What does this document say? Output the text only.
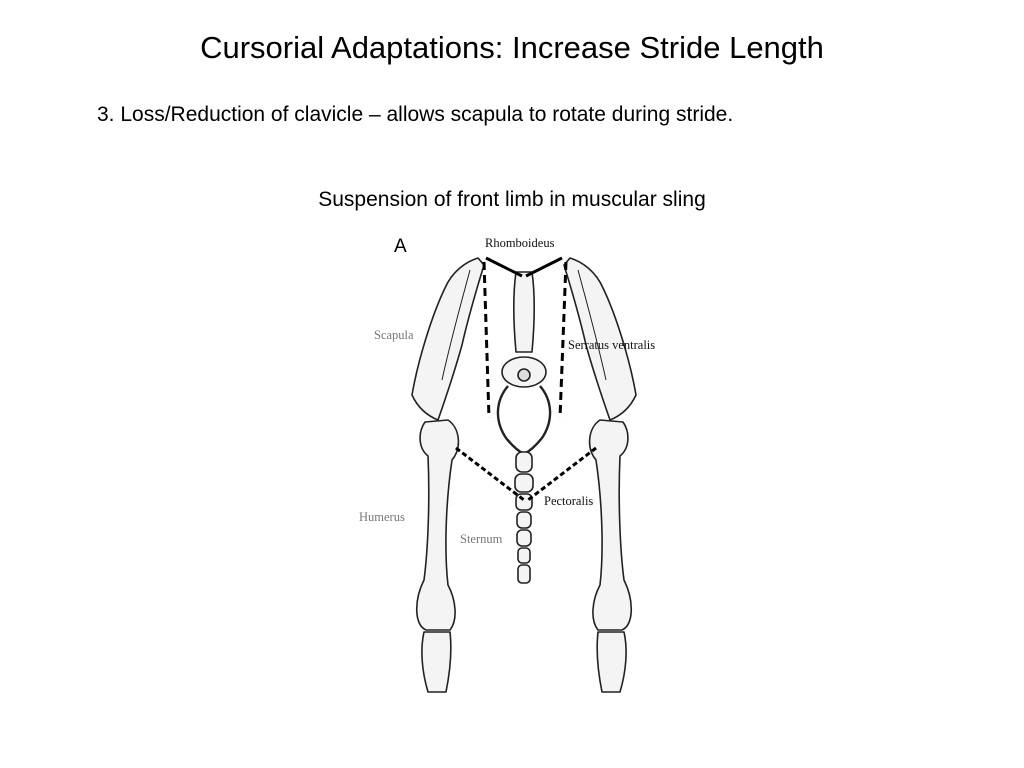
Cursorial Adaptations: Increase Stride Length
3. Loss/Reduction of clavicle – allows scapula to rotate during stride.
Suspension of front limb in muscular sling
A	Rhomboideus
Scapula
Serratus ventralis
Pectoralis
Humerus
Sternum
